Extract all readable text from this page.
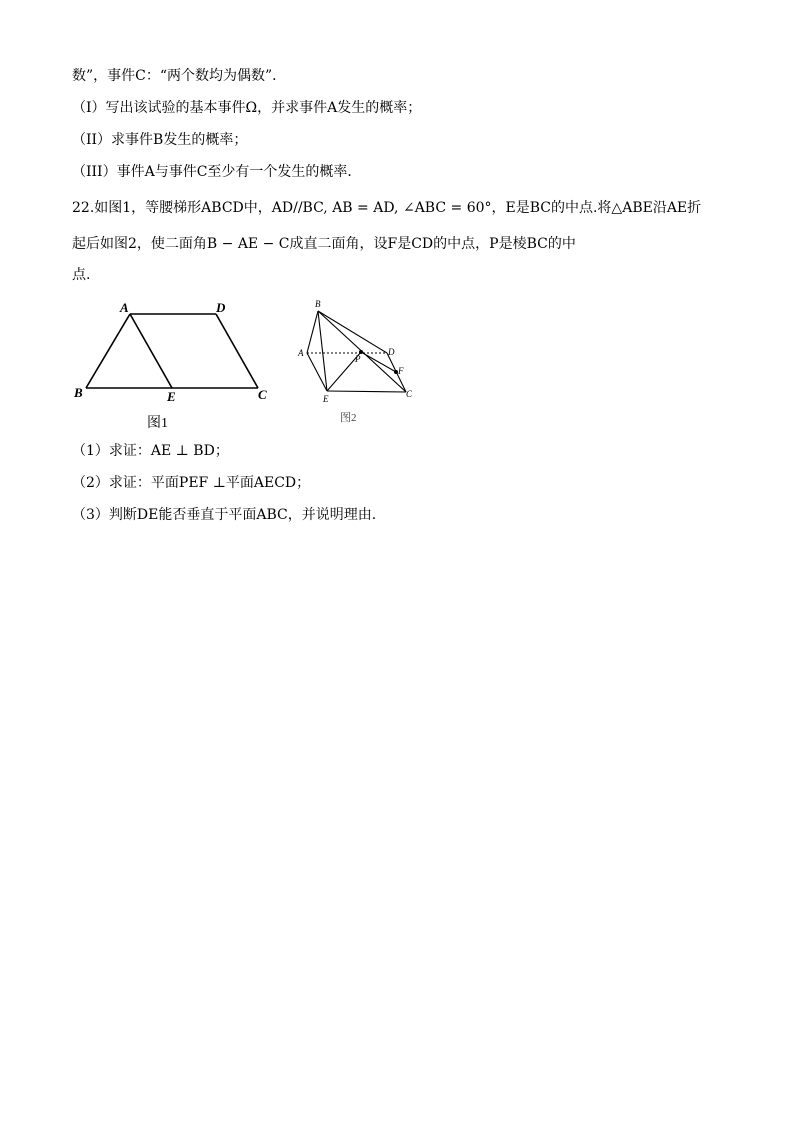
数”，事件C：“两个数均为偶数”．
（I）写出该试验的基本事件Ω，并求事件A发生的概率；
（II）求事件B发生的概率；
（III）事件A与事件C至少有一个发生的概率．
22.如图1，等腰梯形ABCD中，AD//BC, AB = AD, ∠ABC = 60°，E是BC的中点.将△ABE沿AE折
起后如图2，使二面角B − AE − C成直二面角，设F是CD的中点，P是棱BC的中
点.
A	D
B	E	C
图1
B
A	D
P
F
E	C
图2
（1）求证：AE ⊥ BD；
（2）求证：平面PEF ⊥平面AECD；
（3）判断DE能否垂直于平面ABC，并说明理由.
